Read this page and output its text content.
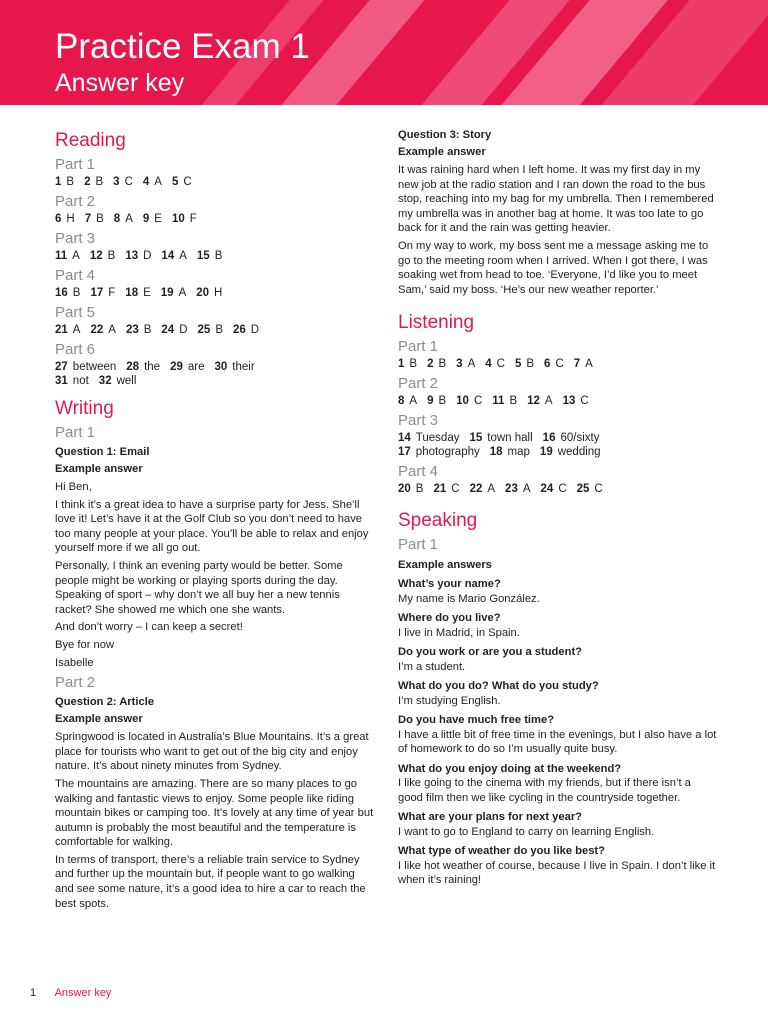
Practice Exam 1
Answer key
Reading
Part 1
1 B 2 B 3 C 4 A 5 C
Part 2
6 H 7 B 8 A 9 E 10 F
Part 3
11 A 12 B 13 D 14 A 15 B
Part 4
16 B 17 F 18 E 19 A 20 H
Part 5
21 A 22 A 23 B 24 D 25 B 26 D
Part 6
27 between 28 the 29 are 30 their
31 not 32 well
Writing
Part 1
Question 1: Email
Example answer
Hi Ben,
I think it’s a great idea to have a surprise party for Jess. She’ll love it! Let’s have it at the Golf Club so you don’t need to have too many people at your place. You’ll be able to relax and enjoy yourself more if we all go out.
Personally, I think an evening party would be better. Some people might be working or playing sports during the day. Speaking of sport – why don’t we all buy her a new tennis racket? She showed me which one she wants.
And don’t worry – I can keep a secret!
Bye for now
Isabelle
Part 2
Question 2: Article
Example answer
Springwood is located in Australia’s Blue Mountains. It’s a great place for tourists who want to get out of the big city and enjoy nature. It’s about ninety minutes from Sydney.
The mountains are amazing. There are so many places to go walking and fantastic views to enjoy. Some people like riding mountain bikes or camping too. It’s lovely at any time of year but autumn is probably the most beautiful and the temperature is comfortable for walking.
In terms of transport, there’s a reliable train service to Sydney and further up the mountain but, if people want to go walking and see some nature, it’s a good idea to hire a car to reach the best spots.
Question 3: Story
Example answer
It was raining hard when I left home. It was my first day in my new job at the radio station and I ran down the road to the bus stop, reaching into my bag for my umbrella. Then I remembered my umbrella was in another bag at home. It was too late to go back for it and the rain was getting heavier.
On my way to work, my boss sent me a message asking me to go to the meeting room when I arrived. When I got there, I was soaking wet from head to toe. ‘Everyone, I’d like you to meet Sam,’ said my boss. ‘He’s our new weather reporter.’
Listening
Part 1
1 B 2 B 3 A 4 C 5 B 6 C 7 A
Part 2
8 A 9 B 10 C 11 B 12 A 13 C
Part 3
14 Tuesday 15 town hall 16 60/sixty
17 photography 18 map 19 wedding
Part 4
20 B 21 C 22 A 23 A 24 C 25 C
Speaking
Part 1
Example answers
What’s your name?
My name is Mario González.
Where do you live?
I live in Madrid, in Spain.
Do you work or are you a student?
I’m a student.
What do you do? What do you study?
I’m studying English.
Do you have much free time?
I have a little bit of free time in the evenings, but I also have a lot of homework to do so I’m usually quite busy.
What do you enjoy doing at the weekend?
I like going to the cinema with my friends, but if there isn’t a good film then we like cycling in the countryside together.
What are your plans for next year?
I want to go to England to carry on learning English.
What type of weather do you like best?
I like hot weather of course, because I live in Spain. I don’t like it when it’s raining!
1 Answer key
